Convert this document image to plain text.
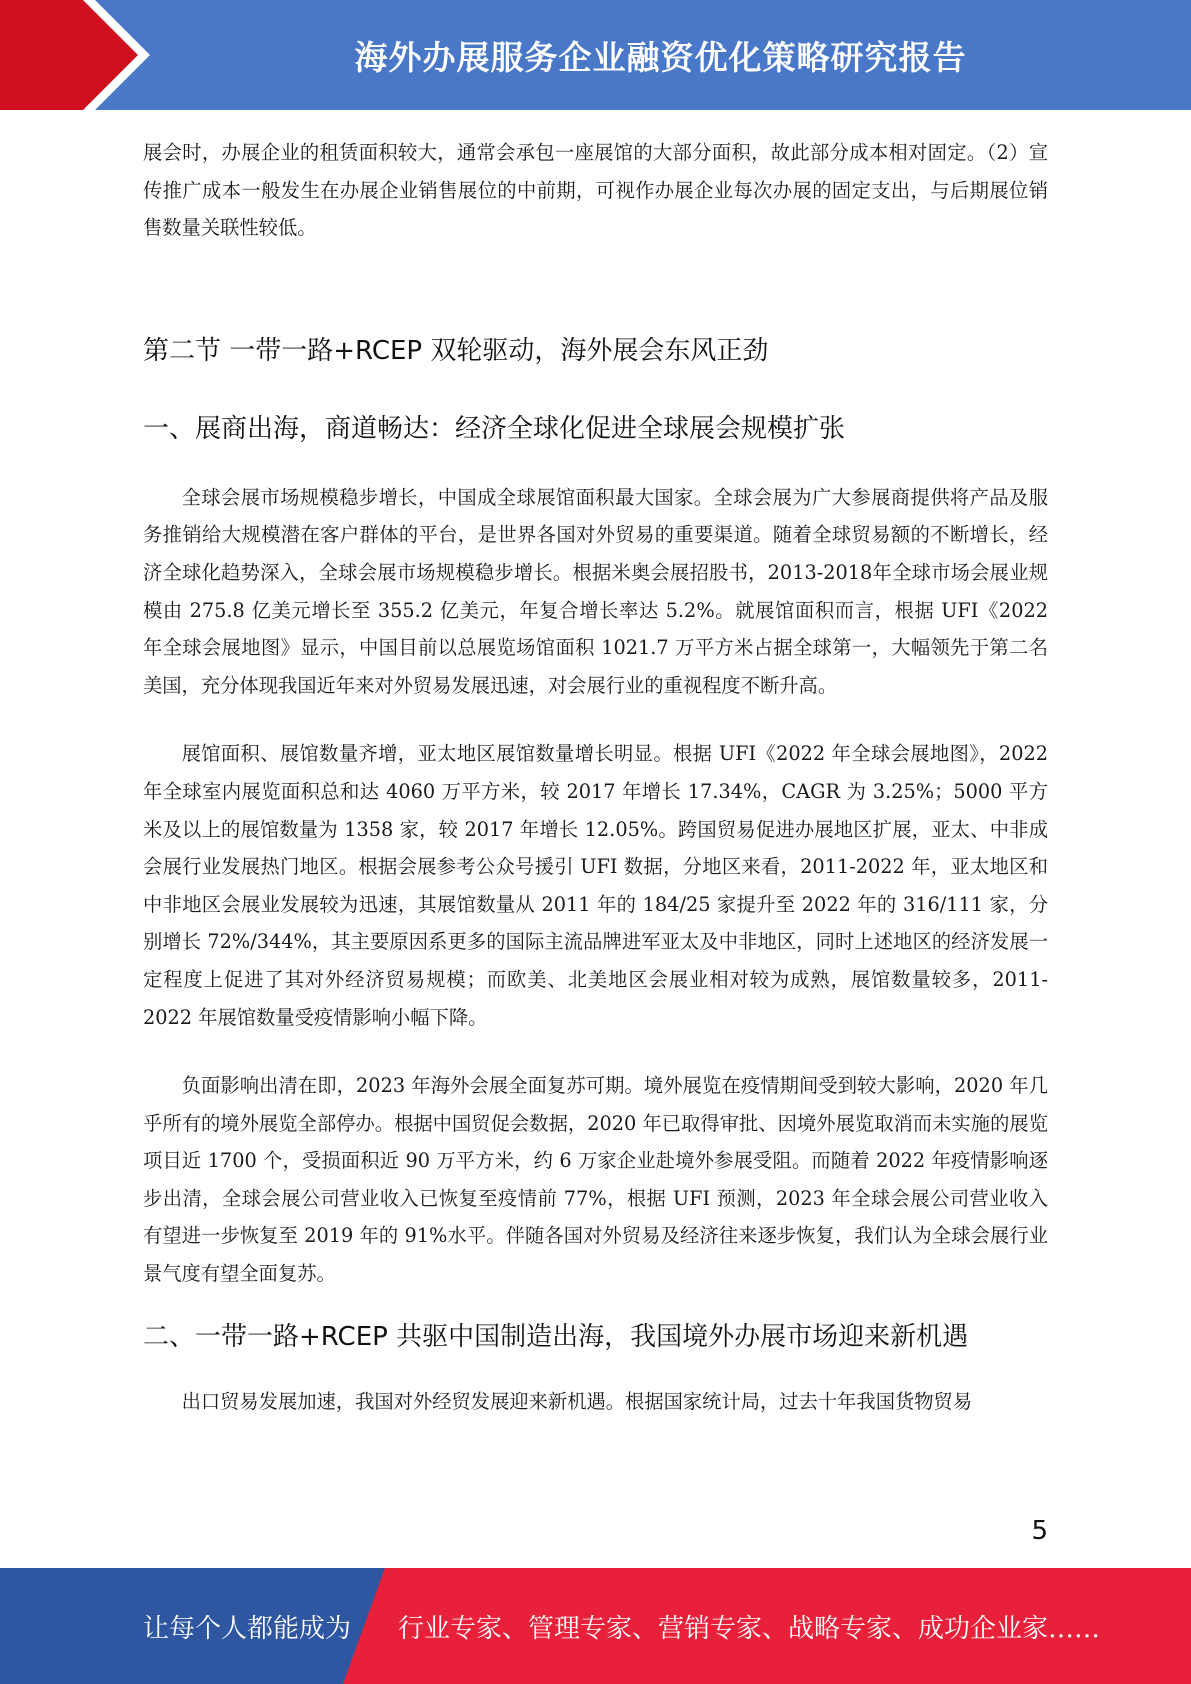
海外办展服务企业融资优化策略研究报告

展会时，办展企业的租赁面积较大，通常会承包一座展馆的大部分面积，故此部分成本相对固定。（2）宣传推广成本一般发生在办展企业销售展位的中前期，可视作办展企业每次办展的固定支出，与后期展位销售数量关联性较低。

第二节 一带一路+RCEP 双轮驱动，海外展会东风正劲
一、展商出海，商道畅达：经济全球化促进全球展会规模扩张

全球会展市场规模稳步增长，中国成全球展馆面积最大国家。全球会展为广大参展商提供将产品及服务推销给大规模潜在客户群体的平台，是世界各国对外贸易的重要渠道。随着全球贸易额的不断增长，经济全球化趋势深入，全球会展市场规模稳步增长。根据米奥会展招股书，2013-2018年全球市场会展业规模由 275.8 亿美元增长至 355.2 亿美元，年复合增长率达 5.2%。就展馆面积而言，根据 UFI《2022 年全球会展地图》显示，中国目前以总展览场馆面积 1021.7 万平方米占据全球第一，大幅领先于第二名美国，充分体现我国近年来对外贸易发展迅速，对会展行业的重视程度不断升高。

展馆面积、展馆数量齐增，亚太地区展馆数量增长明显。根据 UFI《2022 年全球会展地图》，2022 年全球室内展览面积总和达 4060 万平方米，较 2017 年增长 17.34%，CAGR 为 3.25%；5000 平方米及以上的展馆数量为 1358 家，较 2017 年增长 12.05%。跨国贸易促进办展地区扩展，亚太、中非成会展行业发展热门地区。根据会展参考公众号援引 UFI 数据，分地区来看，2011-2022 年，亚太地区和中非地区会展业发展较为迅速，其展馆数量从 2011 年的 184/25 家提升至 2022 年的 316/111 家，分别增长 72%/344%，其主要原因系更多的国际主流品牌进军亚太及中非地区，同时上述地区的经济发展一定程度上促进了其对外经济贸易规模；而欧美、北美地区会展业相对较为成熟，展馆数量较多，2011-2022 年展馆数量受疫情影响小幅下降。

负面影响出清在即，2023 年海外会展全面复苏可期。境外展览在疫情期间受到较大影响，2020 年几乎所有的境外展览全部停办。根据中国贸促会数据，2020 年已取得审批、因境外展览取消而未实施的展览项目近 1700 个，受损面积近 90 万平方米，约 6 万家企业赴境外参展受阻。而随着 2022 年疫情影响逐步出清，全球会展公司营业收入已恢复至疫情前 77%，根据 UFI 预测，2023 年全球会展公司营业收入有望进一步恢复至 2019 年的 91%水平。伴随各国对外贸易及经济往来逐步恢复，我们认为全球会展行业景气度有望全面复苏。

二、一带一路+RCEP 共驱中国制造出海，我国境外办展市场迎来新机遇

出口贸易发展加速，我国对外经贸发展迎来新机遇。根据国家统计局，过去十年我国货物贸易

5
让每个人都能成为 行业专家、管理专家、营销专家、战略专家、成功企业家……
